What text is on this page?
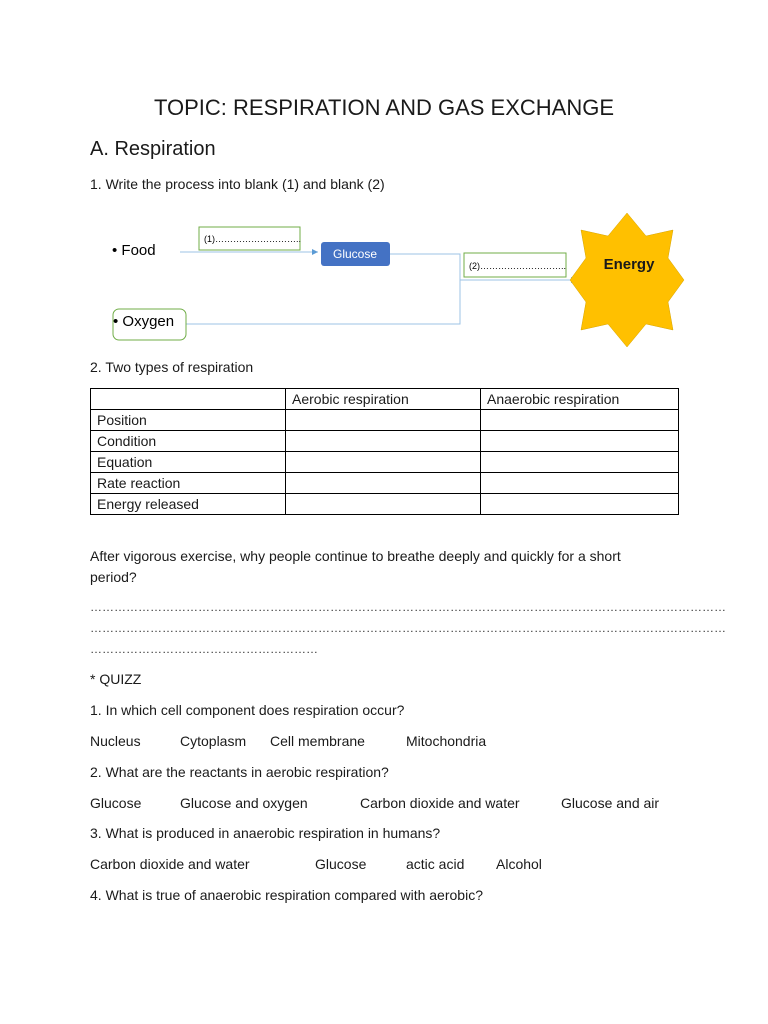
TOPIC: RESPIRATION AND GAS EXCHANGE
A. Respiration
1. Write the process into blank (1) and blank (2)
• Food
(1)………………………..
Glucose
(2)………………………..
• Oxygen
Energy
2. Two types of respiration
	Aerobic respiration	Anaerobic respiration
Position		
Condition		
Equation		
Rate reaction		
Energy released		
After vigorous exercise, why people continue to breathe deeply and quickly for a short
period?
……………………………………………………………………………………………………………………………………………
……………………………………………………………………………………………………………………………………………
…………………………………………………
* QUIZZ
1. In which cell component does respiration occur?
Nucleus	Cytoplasm Cell membrane	Mitochondria
2. What are the reactants in aerobic respiration?
Glucose	Glucose and oxygen	Carbon dioxide and water	Glucose and air
3. What is produced in anaerobic respiration in humans?
Carbon dioxide and water	Glucose	actic acid Alcohol
4. What is true of anaerobic respiration compared with aerobic?
